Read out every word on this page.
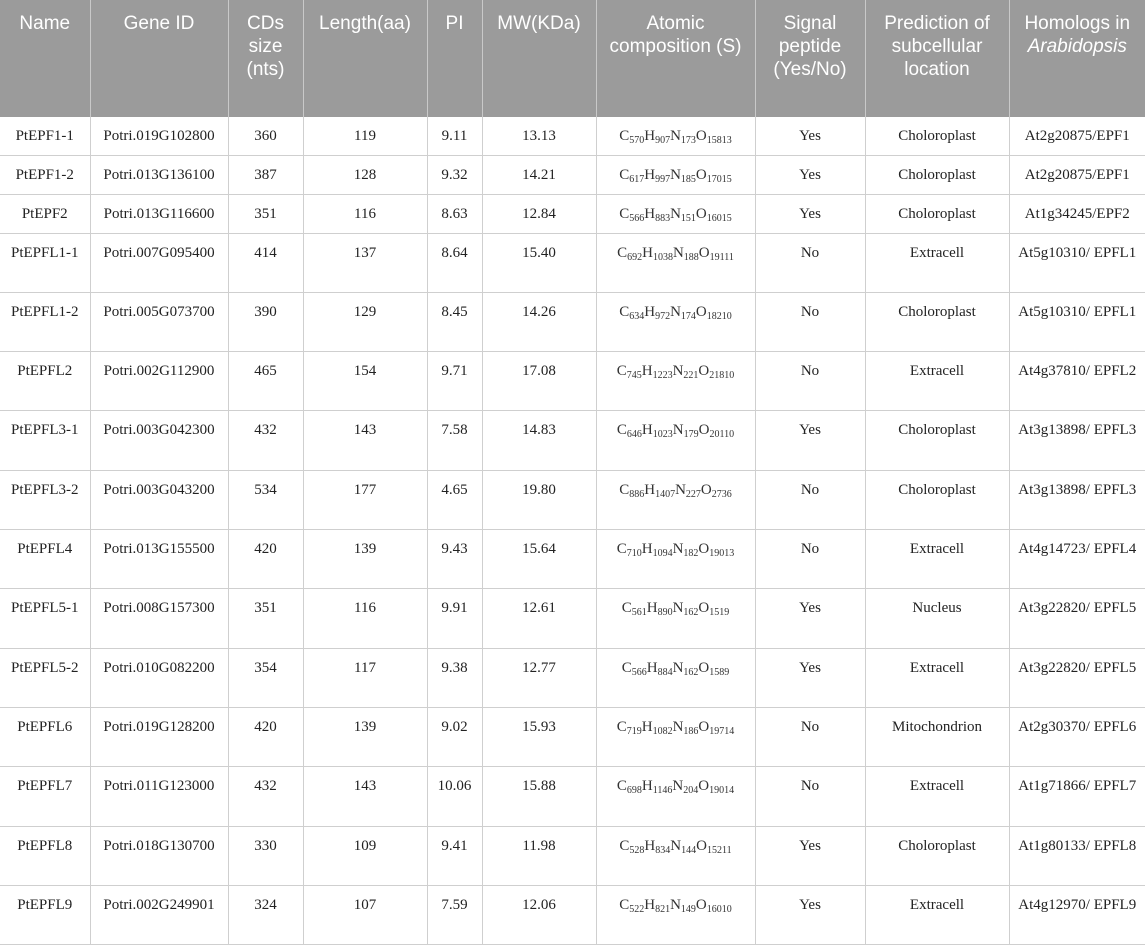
Name	Gene ID	CDs size (nts)	Length(aa)	PI	MW(KDa)	Atomic composition (S)	Signal peptide (Yes/No)	Prediction of subcellular location	Homologs in Arabidopsis
PtEPF1-1	Potri.019G102800	360	119	9.11	13.13	$C_{570}H_{907}N_{173}O_{15813}$	Yes	Choloroplast	At2g20875/EPF1
PtEPF1-2	Potri.013G136100	387	128	9.32	14.21	$C_{617}H_{997}N_{185}O_{17015}$	Yes	Choloroplast	At2g20875/EPF1
PtEPF2	Potri.013G116600	351	116	8.63	12.84	$C_{566}H_{883}N_{151}O_{16015}$	Yes	Choloroplast	At1g34245/EPF2
PtEPFL1-1	Potri.007G095400	414	137	8.64	15.40	$C_{692}H_{1038}N_{188}O_{19111}$	No	Extracell	At5g10310/ EPFL1
PtEPFL1-2	Potri.005G073700	390	129	8.45	14.26	$C_{634}H_{972}N_{174}O_{18210}$	No	Choloroplast	At5g10310/ EPFL1
PtEPFL2	Potri.002G112900	465	154	9.71	17.08	$C_{745}H_{1223}N_{221}O_{21810}$	No	Extracell	At4g37810/ EPFL2
PtEPFL3-1	Potri.003G042300	432	143	7.58	14.83	$C_{646}H_{1023}N_{179}O_{20110}$	Yes	Choloroplast	At3g13898/ EPFL3
PtEPFL3-2	Potri.003G043200	534	177	4.65	19.80	$C_{886}H_{1407}N_{227}O_{2736}$	No	Choloroplast	At3g13898/ EPFL3
PtEPFL4	Potri.013G155500	420	139	9.43	15.64	$C_{710}H_{1094}N_{182}O_{19013}$	No	Extracell	At4g14723/ EPFL4
PtEPFL5-1	Potri.008G157300	351	116	9.91	12.61	$C_{561}H_{890}N_{162}O_{1519}$	Yes	Nucleus	At3g22820/ EPFL5
PtEPFL5-2	Potri.010G082200	354	117	9.38	12.77	$C_{566}H_{884}N_{162}O_{1589}$	Yes	Extracell	At3g22820/ EPFL5
PtEPFL6	Potri.019G128200	420	139	9.02	15.93	$C_{719}H_{1082}N_{186}O_{19714}$	No	Mitochondrion	At2g30370/ EPFL6
PtEPFL7	Potri.011G123000	432	143	10.06	15.88	$C_{698}H_{1146}N_{204}O_{19014}$	No	Extracell	At1g71866/ EPFL7
PtEPFL8	Potri.018G130700	330	109	9.41	11.98	$C_{528}H_{834}N_{144}O_{15211}$	Yes	Choloroplast	At1g80133/ EPFL8
PtEPFL9	Potri.002G249901	324	107	7.59	12.06	$C_{522}H_{821}N_{149}O_{16010}$	Yes	Extracell	At4g12970/ EPFL9
